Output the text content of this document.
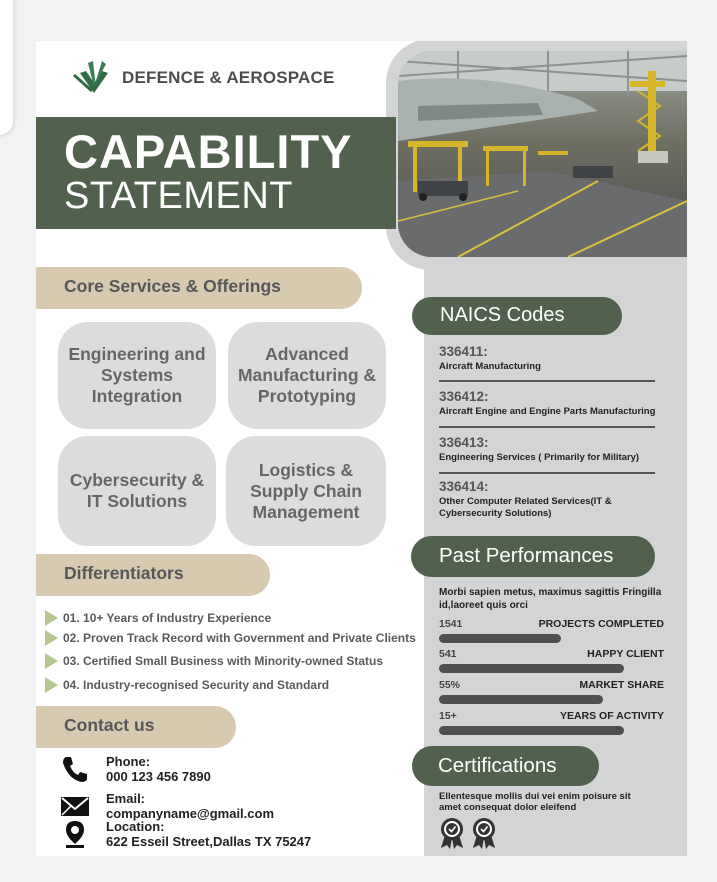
DEFENCE & AEROSPACE
CAPABILITY
STATEMENT
CAGE CODE : 0123456789	DUNS CODE : ABJ0123456
Core Services & Offerings
Engineering and Systems Integration
Advanced Manufacturing & Prototyping
Cybersecurity & IT Solutions
Logistics & Supply Chain Management
Differentiators
01. 10+ Years of Industry Experience
02. Proven Track Record with Government and Private Clients
03. Certified Small Business with Minority-owned Status
04. Industry-recognised Security and Standard
Contact us
Phone:
000 123 456 7890
Email:
companyname@gmail.com
Location:
622 Esseil Street,Dallas TX 75247
NAICS Codes
336411:
Aircraft Manufacturing
336412:
Aircraft Engine and Engine Parts Manufacturing
336413:
Engineering Services ( Primarily for Military)
336414:
Other Computer Related Services(IT & Cybersecurity Solutions)
Past Performances
Morbi sapien metus, maximus sagittis Fringilla id,laoreet quis orci
1541	PROJECTS COMPLETED
541	HAPPY CLIENT
55%	MARKET SHARE
15+	YEARS OF ACTIVITY
Certifications
Ellentesque mollis dui vei enim poisure sit amet consequat dolor eleifend
